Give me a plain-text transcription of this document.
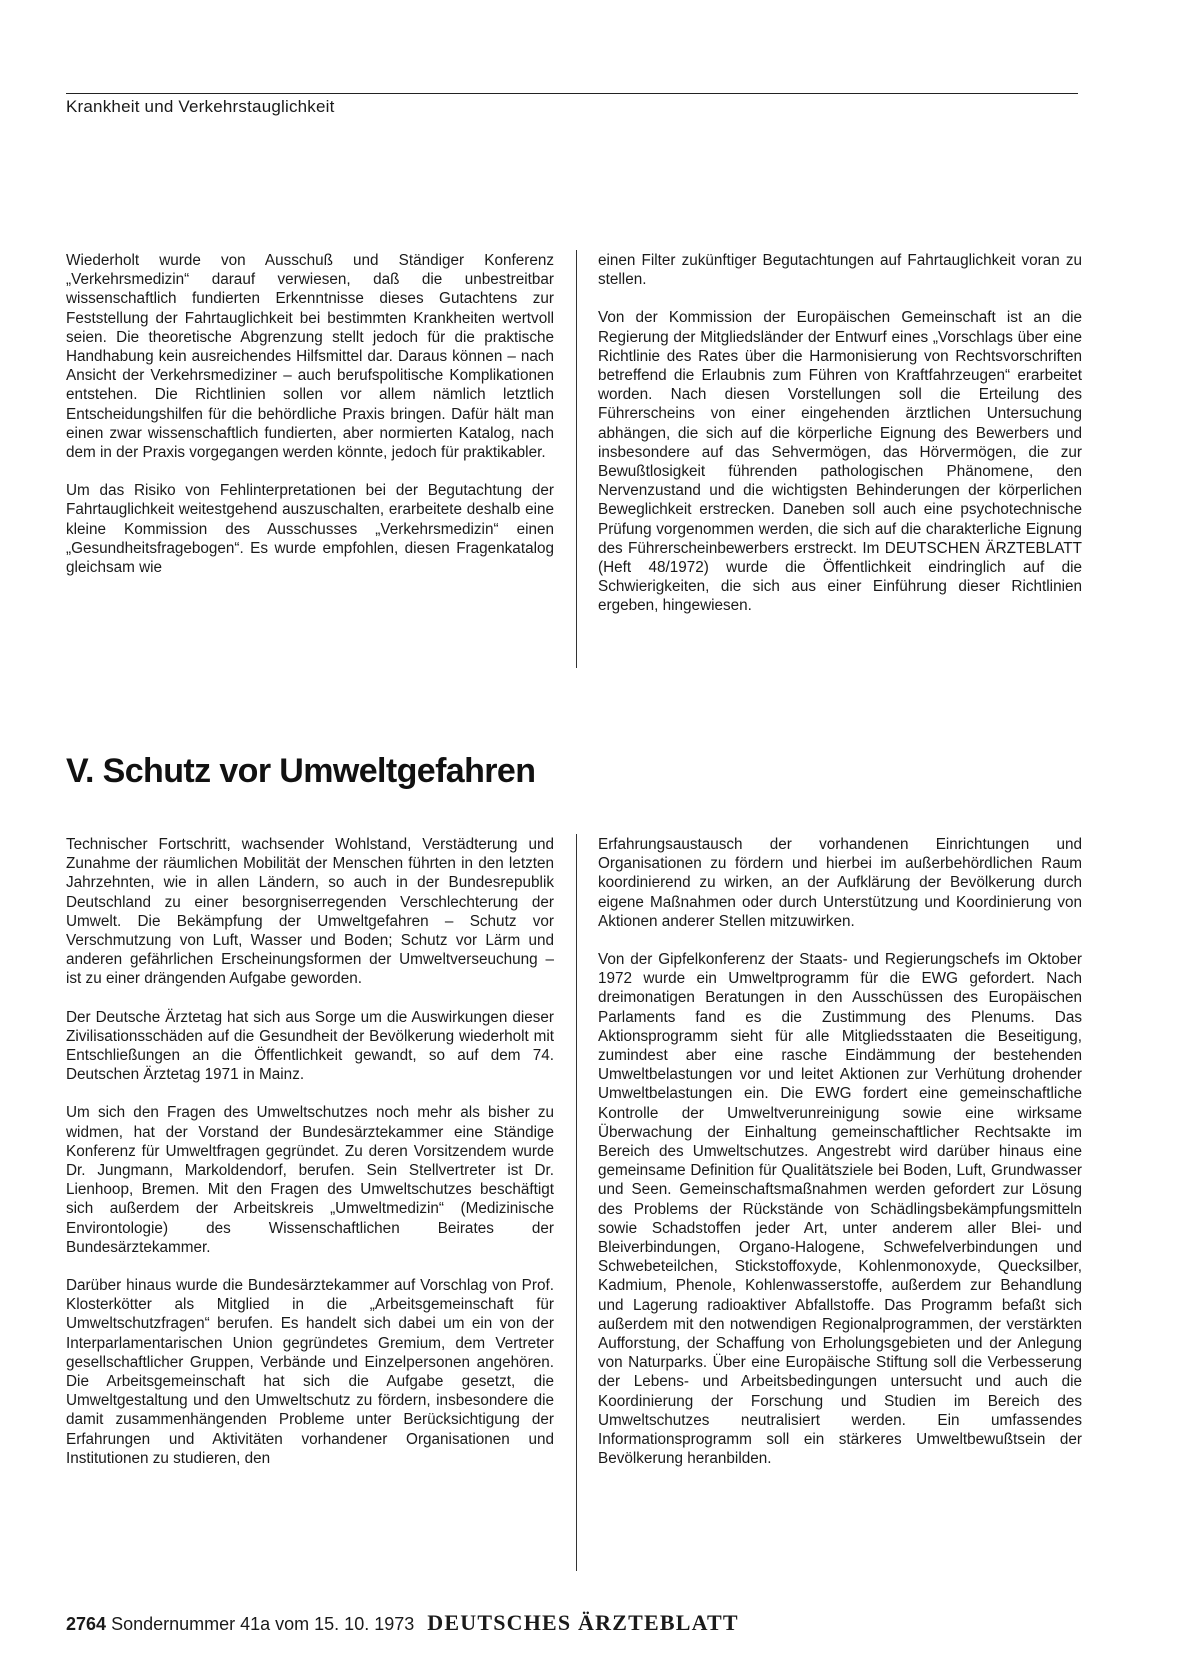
Krankheit und Verkehrstauglichkeit

Wiederholt wurde von Ausschuß und Ständiger Konferenz „Verkehrsmedizin“ darauf verwiesen, daß die unbestreitbar wissenschaftlich fundierten Erkenntnisse dieses Gutachtens zur Feststellung der Fahrtauglichkeit bei bestimmten Krankheiten wertvoll seien. Die theoretische Abgrenzung stellt jedoch für die praktische Handhabung kein ausreichendes Hilfsmittel dar. Daraus können – nach Ansicht der Verkehrsmediziner – auch berufspolitische Komplikationen entstehen. Die Richtlinien sollen vor allem nämlich letztlich Entscheidungshilfen für die behördliche Praxis bringen. Dafür hält man einen zwar wissenschaftlich fundierten, aber normierten Katalog, nach dem in der Praxis vorgegangen werden könnte, jedoch für praktikabler.

Um das Risiko von Fehlinterpretationen bei der Begutachtung der Fahrtauglichkeit weitestgehend auszuschalten, erarbeitete deshalb eine kleine Kommission des Ausschusses „Verkehrsmedizin“ einen „Gesundheitsfragebogen“. Es wurde empfohlen, diesen Fragenkatalog gleichsam wie

einen Filter zukünftiger Begutachtungen auf Fahrtauglichkeit voran zu stellen.

Von der Kommission der Europäischen Gemeinschaft ist an die Regierung der Mitgliedsländer der Entwurf eines „Vorschlags über eine Richtlinie des Rates über die Harmonisierung von Rechtsvorschriften betreffend die Erlaubnis zum Führen von Kraftfahrzeugen“ erarbeitet worden. Nach diesen Vorstellungen soll die Erteilung des Führerscheins von einer eingehenden ärztlichen Untersuchung abhängen, die sich auf die körperliche Eignung des Bewerbers und insbesondere auf das Sehvermögen, das Hörvermögen, die zur Bewußtlosigkeit führenden pathologischen Phänomene, den Nervenzustand und die wichtigsten Behinderungen der körperlichen Beweglichkeit erstrecken. Daneben soll auch eine psychotechnische Prüfung vorgenommen werden, die sich auf die charakterliche Eignung des Führerscheinbewerbers erstreckt. Im DEUTSCHEN ÄRZTEBLATT (Heft 48/1972) wurde die Öffentlichkeit eindringlich auf die Schwierigkeiten, die sich aus einer Einführung dieser Richtlinien ergeben, hingewiesen.

V. Schutz vor Umweltgefahren

Technischer Fortschritt, wachsender Wohlstand, Verstädterung und Zunahme der räumlichen Mobilität der Menschen führten in den letzten Jahrzehnten, wie in allen Ländern, so auch in der Bundesrepublik Deutschland zu einer besorgniserregenden Verschlechterung der Umwelt. Die Bekämpfung der Umweltgefahren – Schutz vor Verschmutzung von Luft, Wasser und Boden; Schutz vor Lärm und anderen gefährlichen Erscheinungsformen der Umweltverseuchung – ist zu einer drängenden Aufgabe geworden.

Der Deutsche Ärztetag hat sich aus Sorge um die Auswirkungen dieser Zivilisationsschäden auf die Gesundheit der Bevölkerung wiederholt mit Entschließungen an die Öffentlichkeit gewandt, so auf dem 74. Deutschen Ärztetag 1971 in Mainz.

Um sich den Fragen des Umweltschutzes noch mehr als bisher zu widmen, hat der Vorstand der Bundesärztekammer eine Ständige Konferenz für Umweltfragen gegründet. Zu deren Vorsitzendem wurde Dr. Jungmann, Markoldendorf, berufen. Sein Stellvertreter ist Dr. Lienhoop, Bremen. Mit den Fragen des Umweltschutzes beschäftigt sich außerdem der Arbeitskreis „Umweltmedizin“ (Medizinische Environtologie) des Wissenschaftlichen Beirates der Bundesärztekammer.

Darüber hinaus wurde die Bundesärztekammer auf Vorschlag von Prof. Klosterkötter als Mitglied in die „Arbeitsgemeinschaft für Umweltschutzfragen“ berufen. Es handelt sich dabei um ein von der Interparlamentarischen Union gegründetes Gremium, dem Vertreter gesellschaftlicher Gruppen, Verbände und Einzelpersonen angehören. Die Arbeitsgemeinschaft hat sich die Aufgabe gesetzt, die Umweltgestaltung und den Umweltschutz zu fördern, insbesondere die damit zusammenhängenden Probleme unter Berücksichtigung der Erfahrungen und Aktivitäten vorhandener Organisationen und Institutionen zu studieren, den

Erfahrungsaustausch der vorhandenen Einrichtungen und Organisationen zu fördern und hierbei im außerbehördlichen Raum koordinierend zu wirken, an der Aufklärung der Bevölkerung durch eigene Maßnahmen oder durch Unterstützung und Koordinierung von Aktionen anderer Stellen mitzuwirken.

Von der Gipfelkonferenz der Staats- und Regierungschefs im Oktober 1972 wurde ein Umweltprogramm für die EWG gefordert. Nach dreimonatigen Beratungen in den Ausschüssen des Europäischen Parlaments fand es die Zustimmung des Plenums. Das Aktionsprogramm sieht für alle Mitgliedsstaaten die Beseitigung, zumindest aber eine rasche Eindämmung der bestehenden Umweltbelastungen vor und leitet Aktionen zur Verhütung drohender Umweltbelastungen ein. Die EWG fordert eine gemeinschaftliche Kontrolle der Umweltverunreinigung sowie eine wirksame Überwachung der Einhaltung gemeinschaftlicher Rechtsakte im Bereich des Umweltschutzes. Angestrebt wird darüber hinaus eine gemeinsame Definition für Qualitätsziele bei Boden, Luft, Grundwasser und Seen. Gemeinschaftsmaßnahmen werden gefordert zur Lösung des Problems der Rückstände von Schädlingsbekämpfungsmitteln sowie Schadstoffen jeder Art, unter anderem aller Blei- und Bleiverbindungen, Organo-Halogene, Schwefelverbindungen und Schwebeteilchen, Stickstoffoxyde, Kohlenmonoxyde, Quecksilber, Kadmium, Phenole, Kohlenwasserstoffe, außerdem zur Behandlung und Lagerung radioaktiver Abfallstoffe. Das Programm befaßt sich außerdem mit den notwendigen Regionalprogrammen, der verstärkten Aufforstung, der Schaffung von Erholungsgebieten und der Anlegung von Naturparks. Über eine Europäische Stiftung soll die Verbesserung der Lebens- und Arbeitsbedingungen untersucht und auch die Koordinierung der Forschung und Studien im Bereich des Umweltschutzes neutralisiert werden. Ein umfassendes Informationsprogramm soll ein stärkeres Umweltbewußtsein der Bevölkerung heranbilden.

2764 Sondernummer 41a vom 15. 10. 1973 DEUTSCHES ÄRZTEBLATT
